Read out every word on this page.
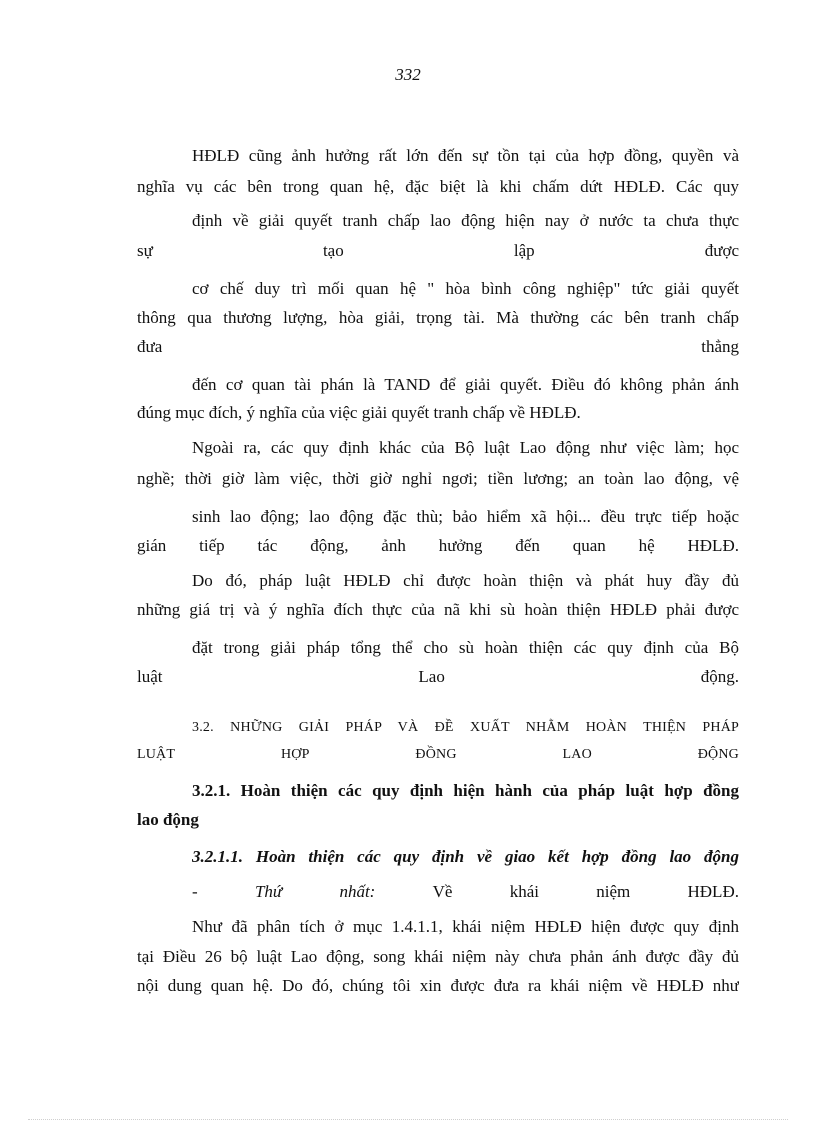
332
HĐLĐ cũng ảnh hưởng rất lớn đến sự tồn tại của hợp đồng, quyền và
nghĩa vụ các bên trong quan hệ, đặc biệt là khi chấm dứt HĐLĐ. Các quy
định về giải quyết tranh chấp lao động hiện nay ở nước ta chưa thực
sự	tạo	lập	được
cơ chế duy trì mối quan hệ " hòa bình công nghiệp" tức giải quyết
thông qua thương lượng, hòa giải, trọng tài. Mà thường các bên tranh chấp
đưa	thẳng
đến cơ quan tài phán là TAND để giải quyết. Điều đó không phản ánh
đúng mục đích, ý nghĩa của việc giải quyết tranh chấp về HĐLĐ.
Ngoài ra, các quy định khác của Bộ luật Lao động như việc làm; học
nghề; thời giờ làm việc, thời giờ nghỉ ngơi; tiền lương; an toàn lao động, vệ
sinh lao động; lao động đặc thù; bảo hiểm xã hội... đều trực tiếp hoặc
gián tiếp tác động, ảnh hưởng đến quan hệ HĐLĐ.
Do đó, pháp luật HĐLĐ chỉ được hoàn thiện và phát huy đầy đủ
những giá trị và ý nghĩa đích thực của nã khi sù hoàn thiện HĐLĐ phải được
đặt trong giải pháp tổng thể cho sù hoàn thiện các quy định của Bộ
luật	Lao	động.
3.2. NHỮNG GIẢI PHÁP VÀ ĐỀ XUẤT NHẰM HOÀN THIỆN PHÁP
LUẬT	HỢP	ĐỒNG	LAO	ĐỘNG
3.2.1. Hoàn thiện các quy định hiện hành của pháp luật hợp đồng
lao động
3.2.1.1. Hoàn thiện các quy định về giao kết hợp đồng lao động
-	Thứ	nhất:	Về	khái	niệm	HĐLĐ.
Như đã phân tích ở mục 1.4.1.1, khái niệm HĐLĐ hiện được quy định
tại Điều 26 bộ luật Lao động, song khái niệm này chưa phản ánh được đầy đủ
nội dung quan hệ. Do đó, chúng tôi xin được đưa ra khái niệm về HĐLĐ như
